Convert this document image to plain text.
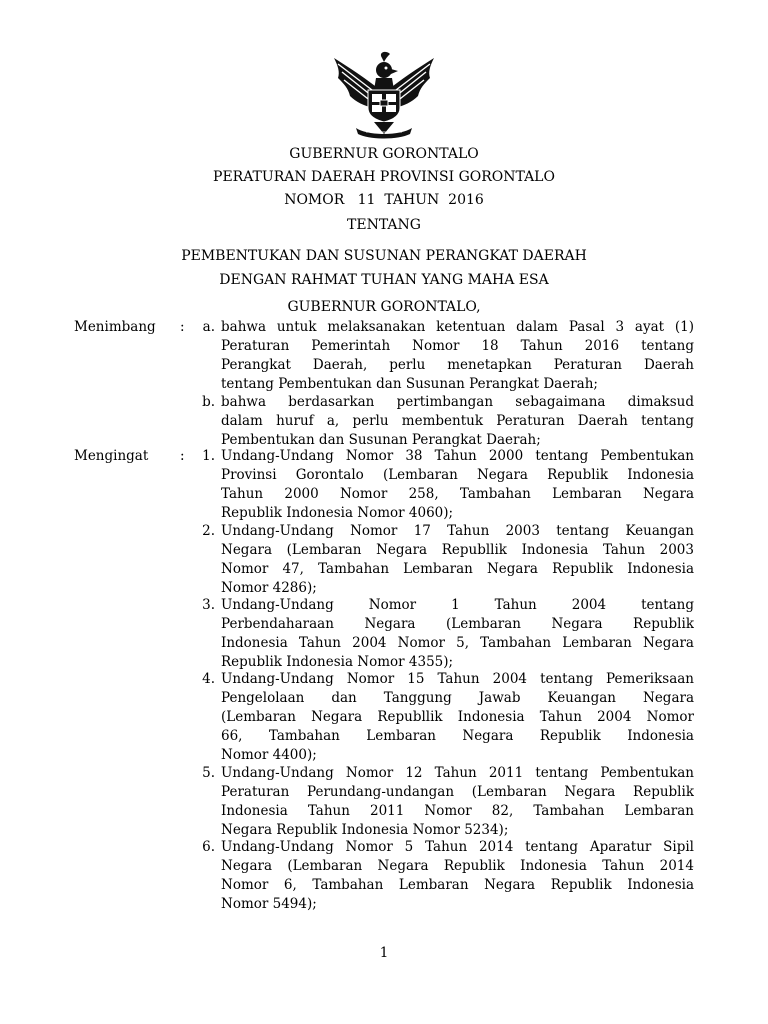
GUBERNUR GORONTALO
PERATURAN DAERAH PROVINSI GORONTALO
NOMOR   11  TAHUN  2016
TENTANG
PEMBENTUKAN DAN SUSUNAN PERANGKAT DAERAH
DENGAN RAHMAT TUHAN YANG MAHA ESA
GUBERNUR GORONTALO,
Menimbang :	a. bahwa untuk melaksanakan ketentuan dalam Pasal 3 ayat (1)
Peraturan Pemerintah Nomor 18 Tahun 2016 tentang
Perangkat Daerah, perlu menetapkan Peraturan Daerah
tentang Pembentukan dan Susunan Perangkat Daerah;
b. bahwa berdasarkan pertimbangan sebagaimana dimaksud
dalam huruf a, perlu membentuk Peraturan Daerah tentang
Pembentukan dan Susunan Perangkat Daerah;
Mengingat :	1. Undang-Undang Nomor 38 Tahun 2000 tentang Pembentukan
Provinsi Gorontalo (Lembaran Negara Republik Indonesia
Tahun 2000 Nomor 258, Tambahan Lembaran Negara
Republik Indonesia Nomor 4060);
2. Undang-Undang Nomor 17 Tahun 2003 tentang Keuangan
Negara (Lembaran Negara Republlik Indonesia Tahun 2003
Nomor 47, Tambahan Lembaran Negara Republik Indonesia
Nomor 4286);
3. Undang-Undang Nomor 1 Tahun 2004 tentang
Perbendaharaan Negara (Lembaran Negara Republik
Indonesia Tahun 2004 Nomor 5, Tambahan Lembaran Negara
Republik Indonesia Nomor 4355);
4. Undang-Undang Nomor 15 Tahun 2004 tentang Pemeriksaan
Pengelolaan dan Tanggung Jawab Keuangan Negara
(Lembaran Negara Republlik Indonesia Tahun 2004 Nomor
66, Tambahan Lembaran Negara Republik Indonesia
Nomor 4400);
5. Undang-Undang Nomor 12 Tahun 2011 tentang Pembentukan
Peraturan Perundang-undangan (Lembaran Negara Republik
Indonesia Tahun 2011 Nomor 82, Tambahan Lembaran
Negara Republik Indonesia Nomor 5234);
6. Undang-Undang Nomor 5 Tahun 2014 tentang Aparatur Sipil
Negara (Lembaran Negara Republik Indonesia Tahun 2014
Nomor 6, Tambahan Lembaran Negara Republik Indonesia
Nomor 5494);
1
